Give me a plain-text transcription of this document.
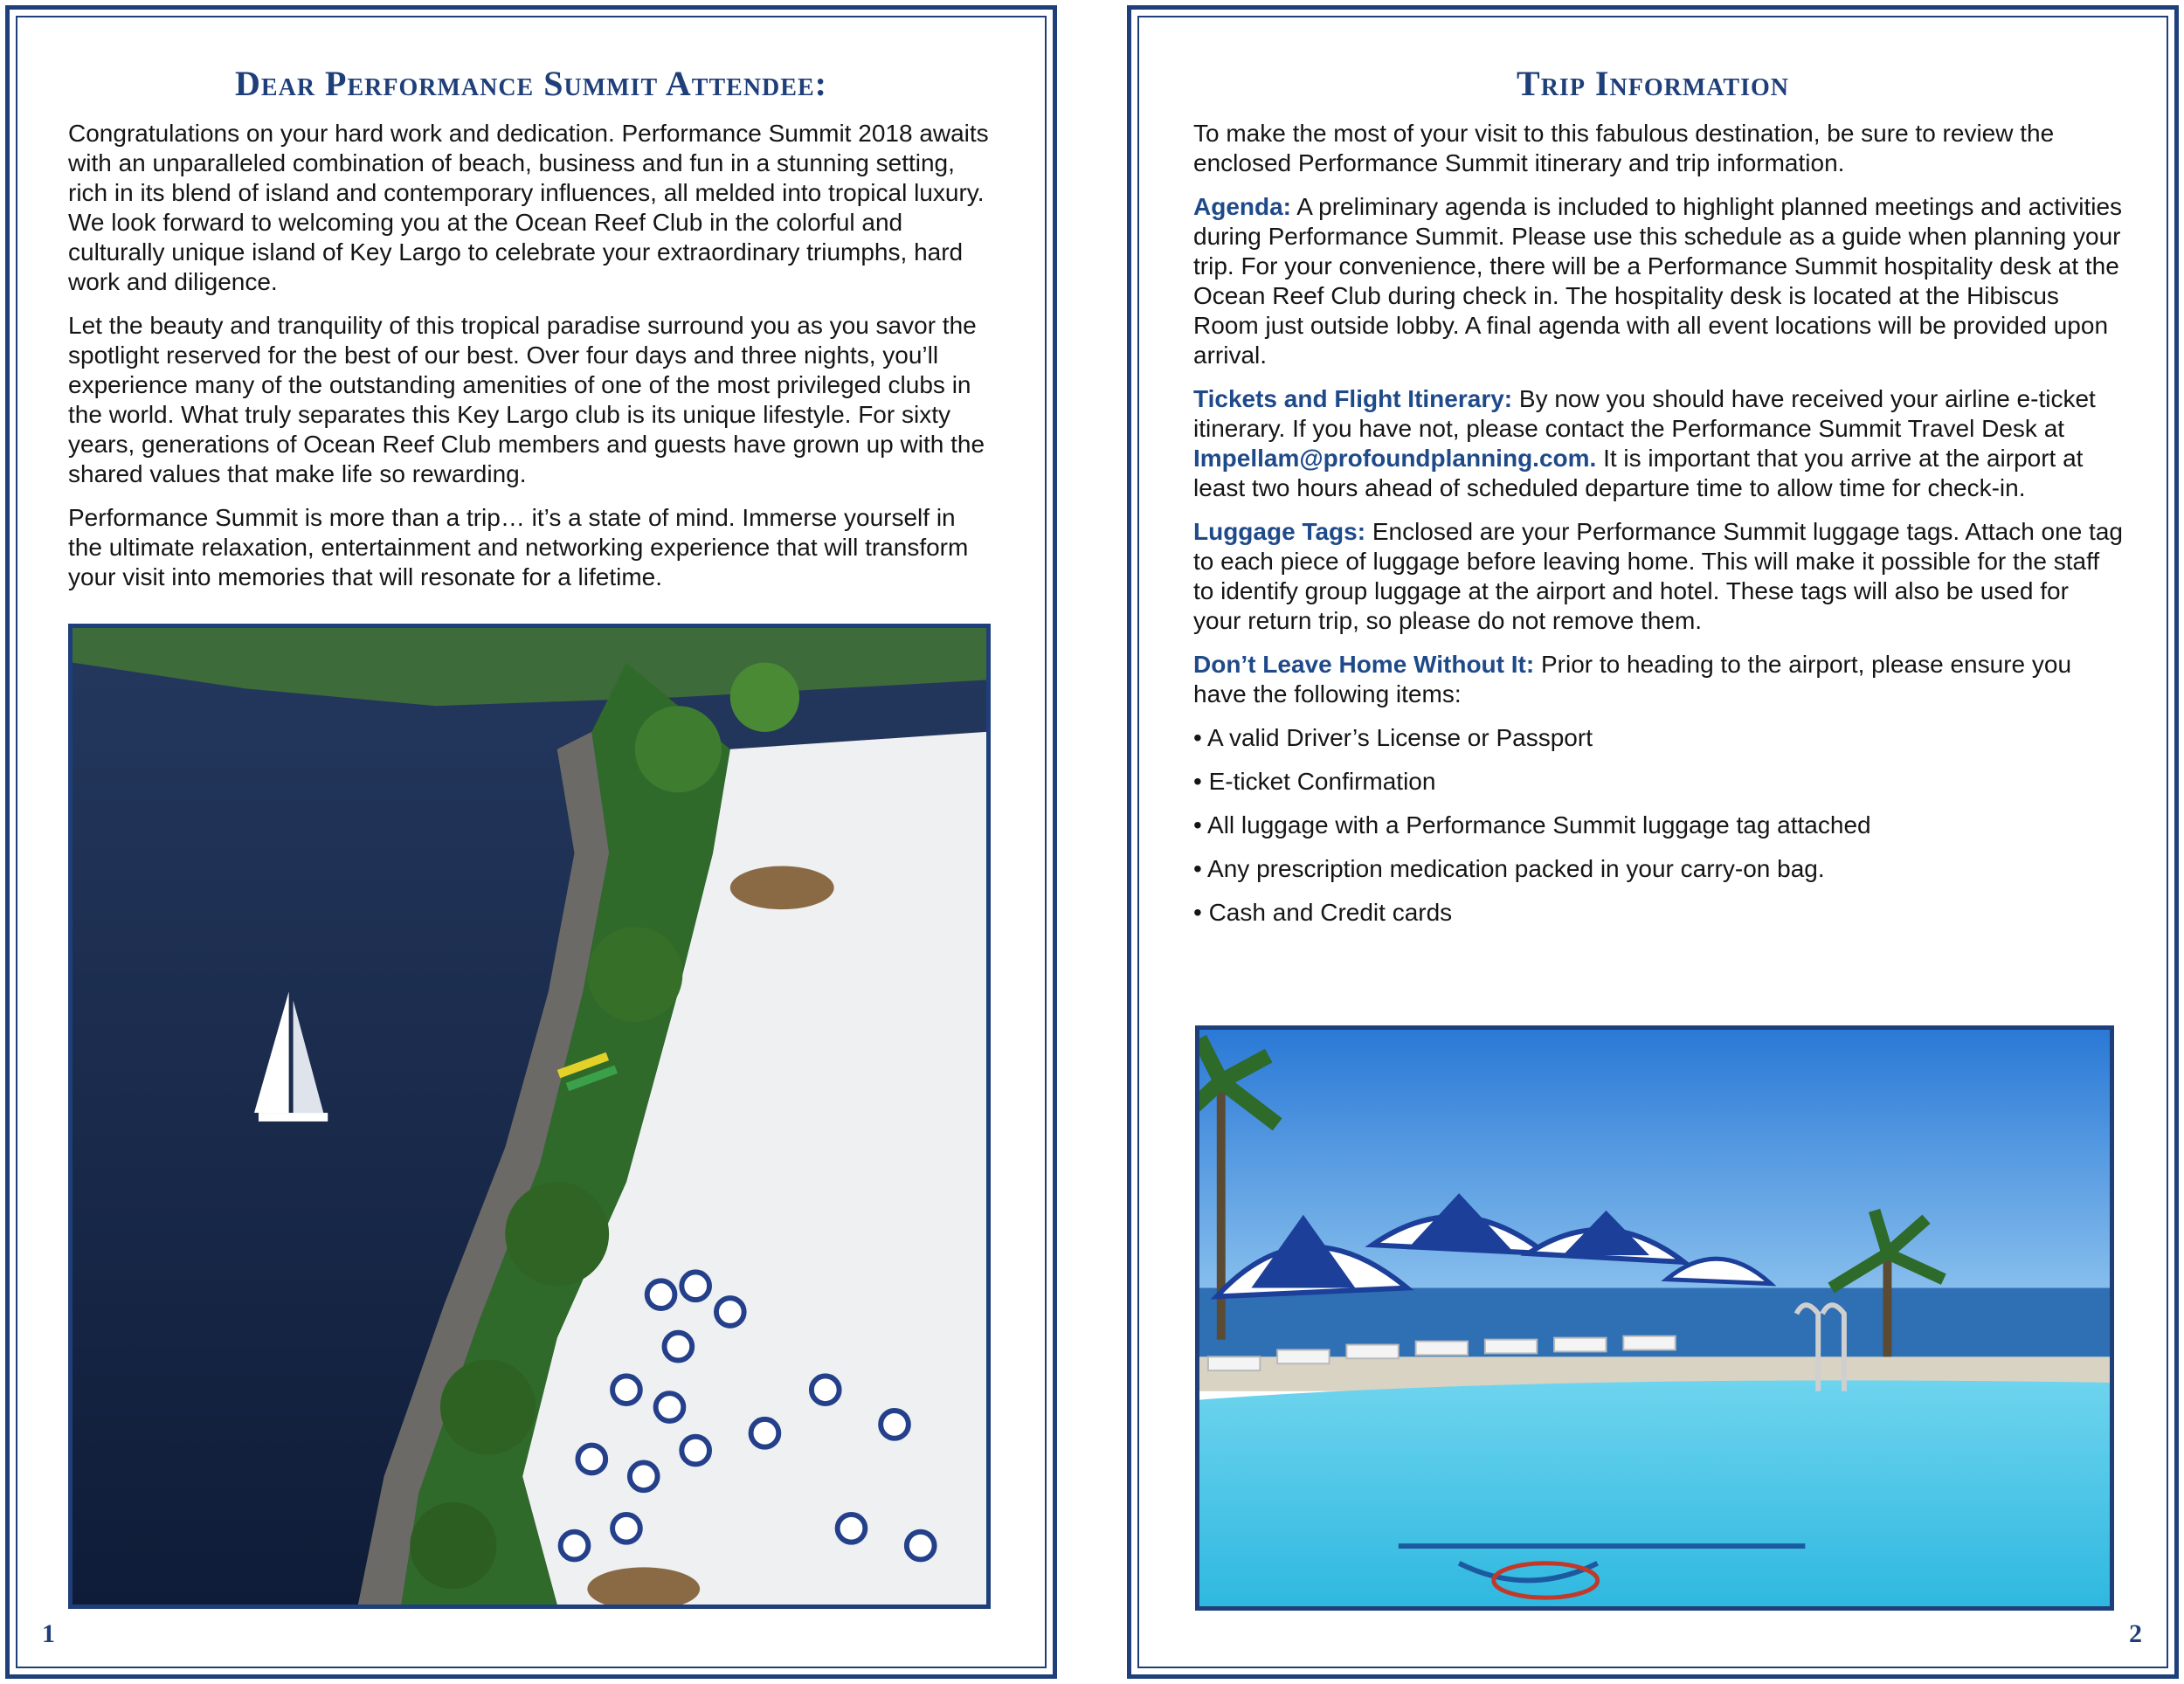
Dear Performance Summit Attendee:

Congratulations on your hard work and dedication. Performance Summit 2018 awaits with an unparalleled combination of beach, business and fun in a stunning setting, rich in its blend of island and contemporary influences, all melded into tropical luxury. We look forward to welcoming you at the Ocean Reef Club in the colorful and culturally unique island of Key Largo to celebrate your extraordinary triumphs, hard work and diligence.

Let the beauty and tranquility of this tropical paradise surround you as you savor the spotlight reserved for the best of our best. Over four days and three nights, you’ll experience many of the outstanding amenities of one of the most privileged clubs in the world. What truly separates this Key Largo club is its unique lifestyle. For sixty years, generations of Ocean Reef Club members and guests have grown up with the shared values that make life so rewarding.

Performance Summit is more than a trip… it’s a state of mind. Immerse yourself in the ultimate relaxation, entertainment and networking experience that will transform your visit into memories that will resonate for a lifetime.

1
Trip Information

To make the most of your visit to this fabulous destination, be sure to review the enclosed Performance Summit itinerary and trip information.

Agenda: A preliminary agenda is included to highlight planned meetings and activities during Performance Summit. Please use this schedule as a guide when planning your trip. For your convenience, there will be a Performance Summit hospitality desk at the Ocean Reef Club during check in. The hospitality desk is located at the Hibiscus Room just outside lobby. A final agenda with all event locations will be provided upon arrival.

Tickets and Flight Itinerary: By now you should have received your airline e-ticket itinerary. If you have not, please contact the Performance Summit Travel Desk at Impellam@profoundplanning.com. It is important that you arrive at the airport at least two hours ahead of scheduled departure time to allow time for check-in.

Luggage Tags: Enclosed are your Performance Summit luggage tags. Attach one tag to each piece of luggage before leaving home. This will make it possible for the staff to identify group luggage at the airport and hotel. These tags will also be used for your return trip, so please do not remove them.

Don’t Leave Home Without It: Prior to heading to the airport, please ensure you have the following items:

• A valid Driver’s License or Passport
• E-ticket Confirmation
• All luggage with a Performance Summit luggage tag attached
• Any prescription medication packed in your carry-on bag.
• Cash and Credit cards
2
